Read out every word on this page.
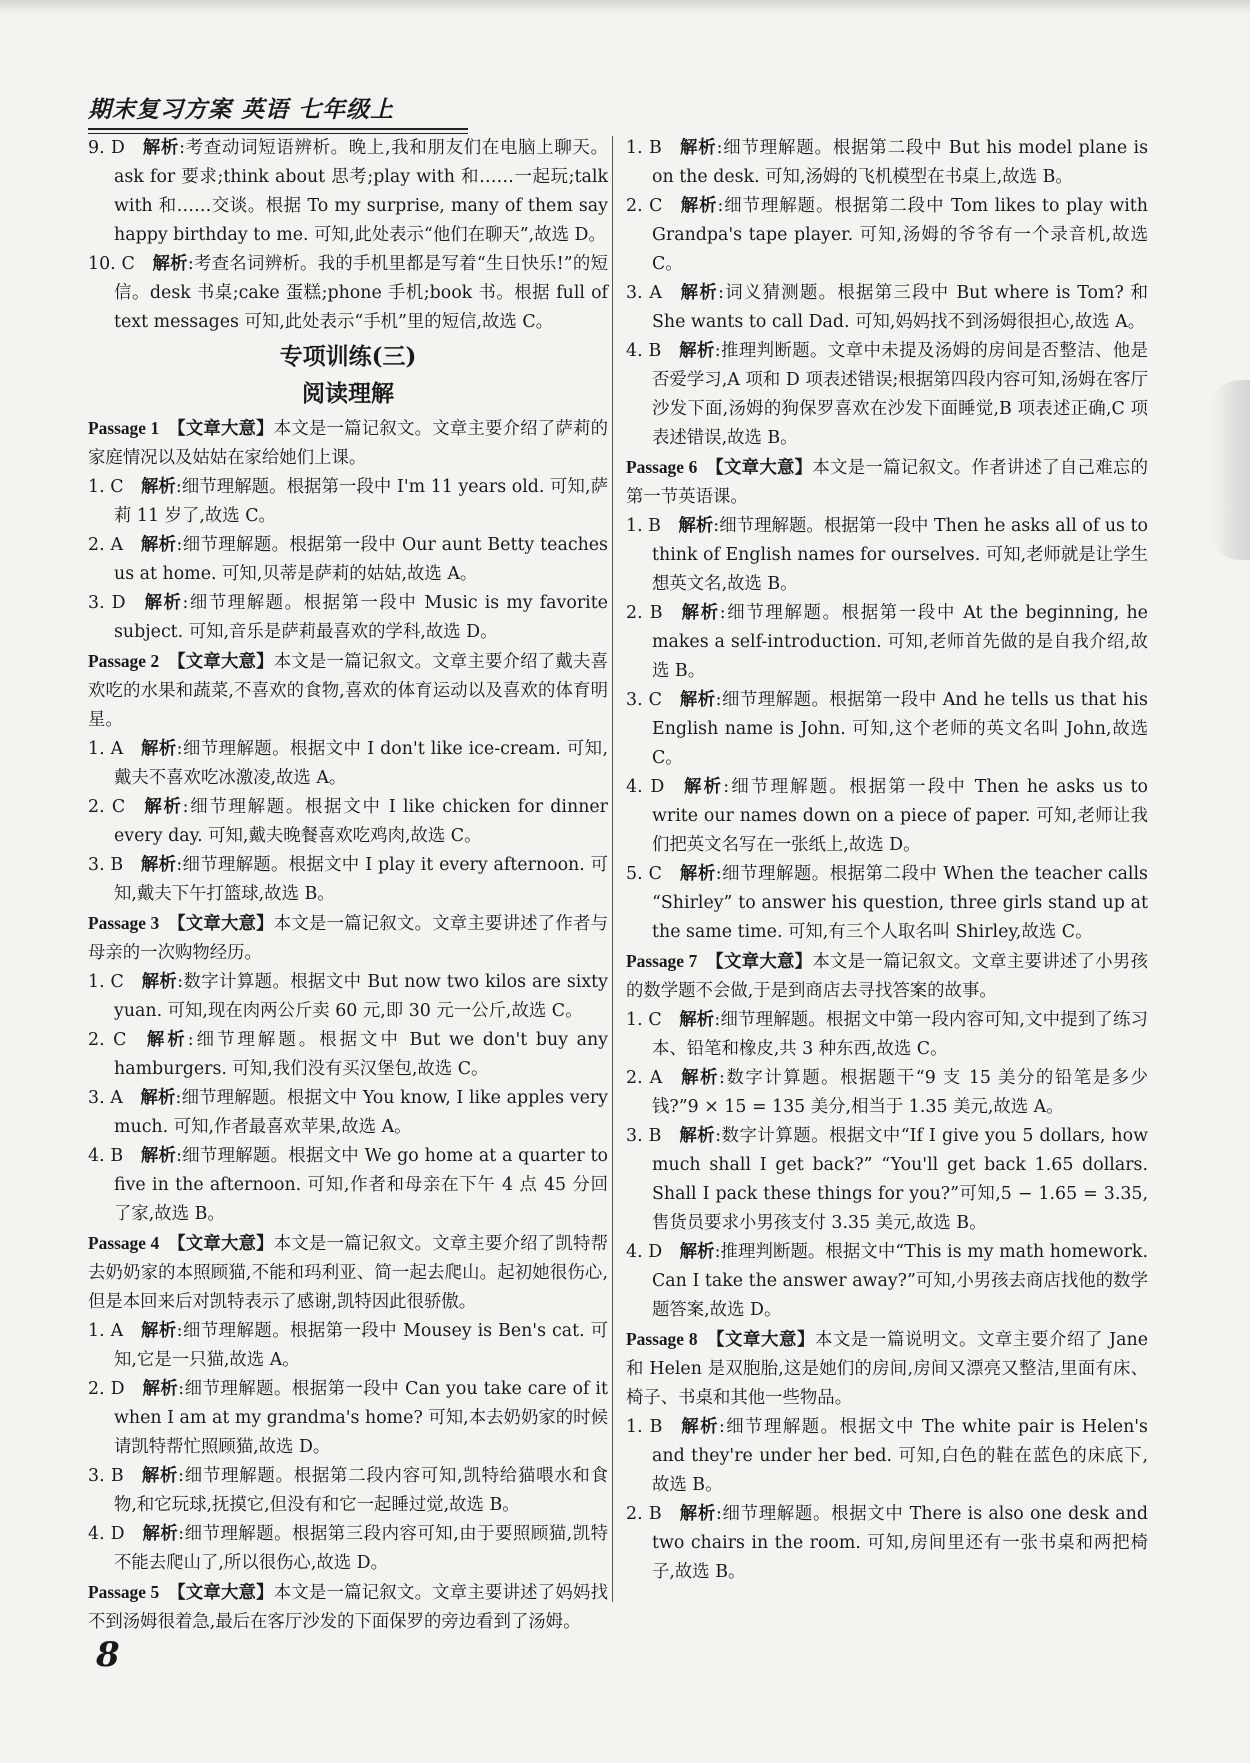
期末复习方案 英语 七年级上

9. D  解析:考查动词短语辨析。晚上,我和朋友们在电脑上聊天。ask for 要求;think about 思考;play with 和……一起玩;talk with 和……交谈。根据 To my surprise, many of them say happy birthday to me. 可知,此处表示“他们在聊天”,故选 D。

10. C  解析:考查名词辨析。我的手机里都是写着“生日快乐!”的短信。desk 书桌;cake 蛋糕;phone 手机;book 书。根据 full of text messages 可知,此处表示“手机”里的短信,故选 C。

专项训练(三)
阅读理解

Passage 1  【文章大意】本文是一篇记叙文。文章主要介绍了萨莉的家庭情况以及姑姑在家给她们上课。

1. C  解析:细节理解题。根据第一段中 I'm 11 years old. 可知,萨莉 11 岁了,故选 C。

2. A  解析:细节理解题。根据第一段中 Our aunt Betty teaches us at home. 可知,贝蒂是萨莉的姑姑,故选 A。

3. D  解析:细节理解题。根据第一段中 Music is my favorite subject. 可知,音乐是萨莉最喜欢的学科,故选 D。

Passage 2  【文章大意】本文是一篇记叙文。文章主要介绍了戴夫喜欢吃的水果和蔬菜,不喜欢的食物,喜欢的体育运动以及喜欢的体育明星。

1. A  解析:细节理解题。根据文中 I don't like ice-cream. 可知,戴夫不喜欢吃冰激凌,故选 A。

2. C  解析:细节理解题。根据文中 I like chicken for dinner every day. 可知,戴夫晚餐喜欢吃鸡肉,故选 C。

3. B  解析:细节理解题。根据文中 I play it every afternoon. 可知,戴夫下午打篮球,故选 B。

Passage 3  【文章大意】本文是一篇记叙文。文章主要讲述了作者与母亲的一次购物经历。

1. C  解析:数字计算题。根据文中 But now two kilos are sixty yuan. 可知,现在肉两公斤卖 60 元,即 30 元一公斤,故选 C。

2. C  解析:细节理解题。根据文中 But we don't buy any hamburgers. 可知,我们没有买汉堡包,故选 C。

3. A  解析:细节理解题。根据文中 You know, I like apples very much. 可知,作者最喜欢苹果,故选 A。

4. B  解析:细节理解题。根据文中 We go home at a quarter to five in the afternoon. 可知,作者和母亲在下午 4 点 45 分回了家,故选 B。

Passage 4  【文章大意】本文是一篇记叙文。文章主要介绍了凯特帮去奶奶家的本照顾猫,不能和玛利亚、简一起去爬山。起初她很伤心,但是本回来后对凯特表示了感谢,凯特因此很骄傲。

1. A  解析:细节理解题。根据第一段中 Mousey is Ben's cat. 可知,它是一只猫,故选 A。

2. D  解析:细节理解题。根据第一段中 Can you take care of it when I am at my grandma's home? 可知,本去奶奶家的时候请凯特帮忙照顾猫,故选 D。

3. B  解析:细节理解题。根据第二段内容可知,凯特给猫喂水和食物,和它玩球,抚摸它,但没有和它一起睡过觉,故选 B。

4. D  解析:细节理解题。根据第三段内容可知,由于要照顾猫,凯特不能去爬山了,所以很伤心,故选 D。

Passage 5  【文章大意】本文是一篇记叙文。文章主要讲述了妈妈找不到汤姆很着急,最后在客厅沙发的下面保罗的旁边看到了汤姆。

1. B  解析:细节理解题。根据第二段中 But his model plane is on the desk. 可知,汤姆的飞机模型在书桌上,故选 B。

2. C  解析:细节理解题。根据第二段中 Tom likes to play with Grandpa's tape player. 可知,汤姆的爷爷有一个录音机,故选 C。

3. A  解析:词义猜测题。根据第三段中 But where is Tom? 和 She wants to call Dad. 可知,妈妈找不到汤姆很担心,故选 A。

4. B  解析:推理判断题。文章中未提及汤姆的房间是否整洁、他是否爱学习,A 项和 D 项表述错误;根据第四段内容可知,汤姆在客厅沙发下面,汤姆的狗保罗喜欢在沙发下面睡觉,B 项表述正确,C 项表述错误,故选 B。

Passage 6  【文章大意】本文是一篇记叙文。作者讲述了自己难忘的第一节英语课。

1. B  解析:细节理解题。根据第一段中 Then he asks all of us to think of English names for ourselves. 可知,老师就是让学生想英文名,故选 B。

2. B  解析:细节理解题。根据第一段中 At the beginning, he makes a self-introduction. 可知,老师首先做的是自我介绍,故选 B。

3. C  解析:细节理解题。根据第一段中 And he tells us that his English name is John. 可知,这个老师的英文名叫 John,故选 C。

4. D  解析:细节理解题。根据第一段中 Then he asks us to write our names down on a piece of paper. 可知,老师让我们把英文名写在一张纸上,故选 D。

5. C  解析:细节理解题。根据第二段中 When the teacher calls “Shirley” to answer his question, three girls stand up at the same time. 可知,有三个人取名叫 Shirley,故选 C。

Passage 7  【文章大意】本文是一篇记叙文。文章主要讲述了小男孩的数学题不会做,于是到商店去寻找答案的故事。

1. C  解析:细节理解题。根据文中第一段内容可知,文中提到了练习本、铅笔和橡皮,共 3 种东西,故选 C。

2. A  解析:数字计算题。根据题干“9 支 15 美分的铅笔是多少钱?”9 × 15 = 135 美分,相当于 1.35 美元,故选 A。

3. B  解析:数字计算题。根据文中“If I give you 5 dollars, how much shall I get back?” “You'll get back 1.65 dollars. Shall I pack these things for you?”可知,5 − 1.65 = 3.35,售货员要求小男孩支付 3.35 美元,故选 B。

4. D  解析:推理判断题。根据文中“This is my math homework. Can I take the answer away?”可知,小男孩去商店找他的数学题答案,故选 D。

Passage 8  【文章大意】本文是一篇说明文。文章主要介绍了 Jane 和 Helen 是双胞胎,这是她们的房间,房间又漂亮又整洁,里面有床、椅子、书桌和其他一些物品。

1. B  解析:细节理解题。根据文中 The white pair is Helen's and they're under her bed. 可知,白色的鞋在蓝色的床底下,故选 B。

2. B  解析:细节理解题。根据文中 There is also one desk and two chairs in the room. 可知,房间里还有一张书桌和两把椅子,故选 B。

8
